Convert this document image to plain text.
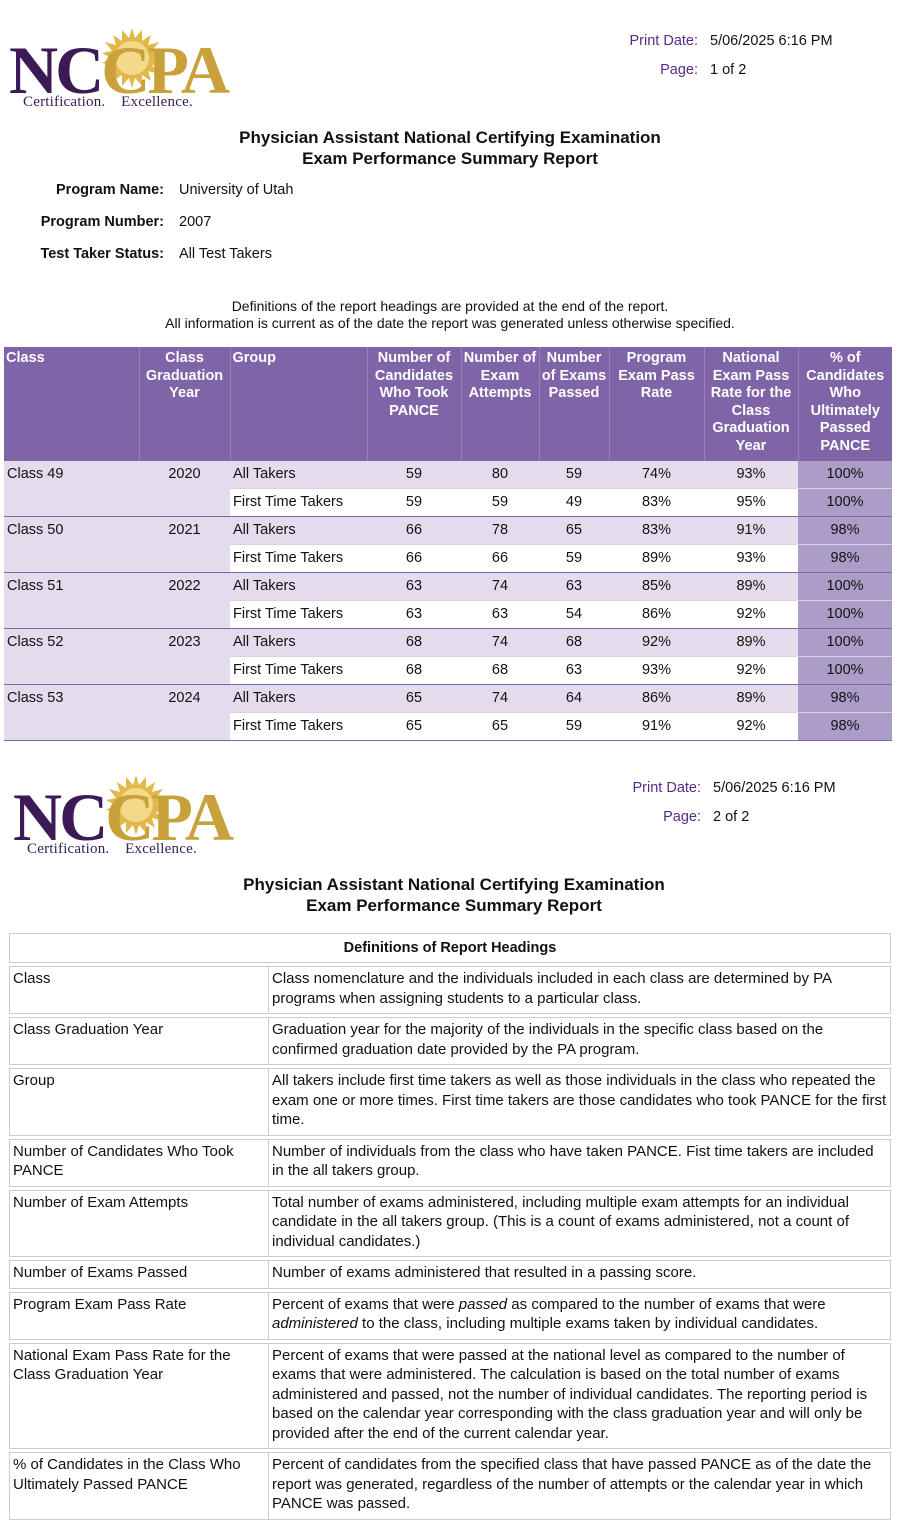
NCCPA
Certification.    Excellence.
Print Date: 5/06/2025 6:16 PM
Page: 1 of 2
Physician Assistant National Certifying Examination
Exam Performance Summary Report
Program Name: University of Utah
Program Number: 2007
Test Taker Status: All Test Takers
Definitions of the report headings are provided at the end of the report.
All information is current as of the date the report was generated unless otherwise specified.
Class	Class Graduation Year	Group	Number of Candidates Who Took PANCE	Number of Exam Attempts	Number of Exams Passed	Program Exam Pass Rate	National Exam Pass Rate for the Class Graduation Year	% of Candidates Who Ultimately Passed PANCE
Class 49	2020	All Takers	59	80	59	74%	93%	100%
		First Time Takers	59	59	49	83%	95%	100%
Class 50	2021	All Takers	66	78	65	83%	91%	98%
		First Time Takers	66	66	59	89%	93%	98%
Class 51	2022	All Takers	63	74	63	85%	89%	100%
		First Time Takers	63	63	54	86%	92%	100%
Class 52	2023	All Takers	68	74	68	92%	89%	100%
		First Time Takers	68	68	63	93%	92%	100%
Class 53	2024	All Takers	65	74	64	86%	89%	98%
		First Time Takers	65	65	59	91%	92%	98%
NCCPA
Certification.    Excellence.
Print Date: 5/06/2025 6:16 PM
Page: 2 of 2
Physician Assistant National Certifying Examination
Exam Performance Summary Report
Definitions of Report Headings	
Class	Class nomenclature and the individuals included in each class are determined by PA programs when assigning students to a particular class.
Class Graduation Year	Graduation year for the majority of the individuals in the specific class based on the confirmed graduation date provided by the PA program.
Group	All takers include first time takers as well as those individuals in the class who repeated the exam one or more times. First time takers are those candidates who took PANCE for the first time.
Number of Candidates Who Took PANCE	Number of individuals from the class who have taken PANCE. Fist time takers are included in the all takers group.
Number of Exam Attempts	Total number of exams administered, including multiple exam attempts for an individual candidate in the all takers group. (This is a count of exams administered, not a count of individual candidates.)
Number of Exams Passed	Number of exams administered that resulted in a passing score.
Program Exam Pass Rate	Percent of exams that were passed as compared to the number of exams that were administered to the class, including multiple exams taken by individual candidates.
National Exam Pass Rate for the Class Graduation Year	Percent of exams that were passed at the national level as compared to the number of exams that were administered. The calculation is based on the total number of exams administered and passed, not the number of individual candidates. The reporting period is based on the calendar year corresponding with the class graduation year and will only be provided after the end of the current calendar year.
% of Candidates in the Class Who Ultimately Passed PANCE	Percent of candidates from the specified class that have passed PANCE as of the date the report was generated, regardless of the number of attempts or the calendar year in which PANCE was passed.
